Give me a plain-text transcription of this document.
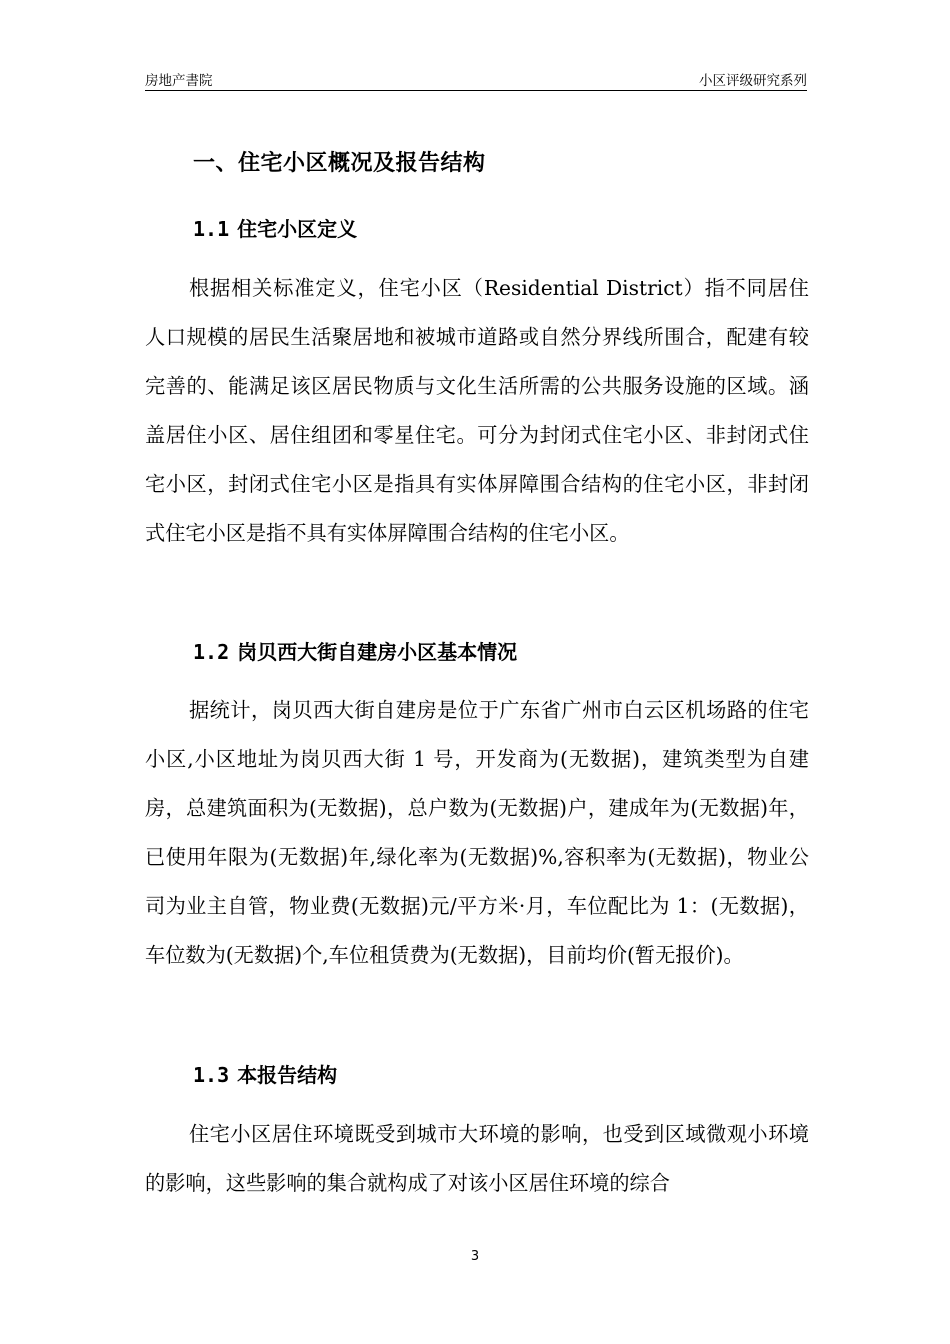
房地产書院	小区评级研究系列
一、住宅小区概况及报告结构
1.1 住宅小区定义

根据相关标准定义，住宅小区（Residential District）指不同居住人口规模的居民生活聚居地和被城市道路或自然分界线所围合，配建有较完善的、能满足该区居民物质与文化生活所需的公共服务设施的区域。涵盖居住小区、居住组团和零星住宅。可分为封闭式住宅小区、非封闭式住宅小区，封闭式住宅小区是指具有实体屏障围合结构的住宅小区，非封闭式住宅小区是指不具有实体屏障围合结构的住宅小区。

1.2 岗贝西大街自建房小区基本情况

据统计，岗贝西大街自建房是位于广东省广州市白云区机场路的住宅小区,小区地址为岗贝西大街 1 号，开发商为(无数据)，建筑类型为自建房，总建筑面积为(无数据)，总户数为(无数据)户，建成年为(无数据)年，已使用年限为(无数据)年,绿化率为(无数据)%,容积率为(无数据)，物业公司为业主自管，物业费(无数据)元/平方米·月，车位配比为 1：(无数据)，车位数为(无数据)个,车位租赁费为(无数据)，目前均价(暂无报价)。

1.3 本报告结构

住宅小区居住环境既受到城市大环境的影响，也受到区域微观小环境的影响，这些影响的集合就构成了对该小区居住环境的综合

3
